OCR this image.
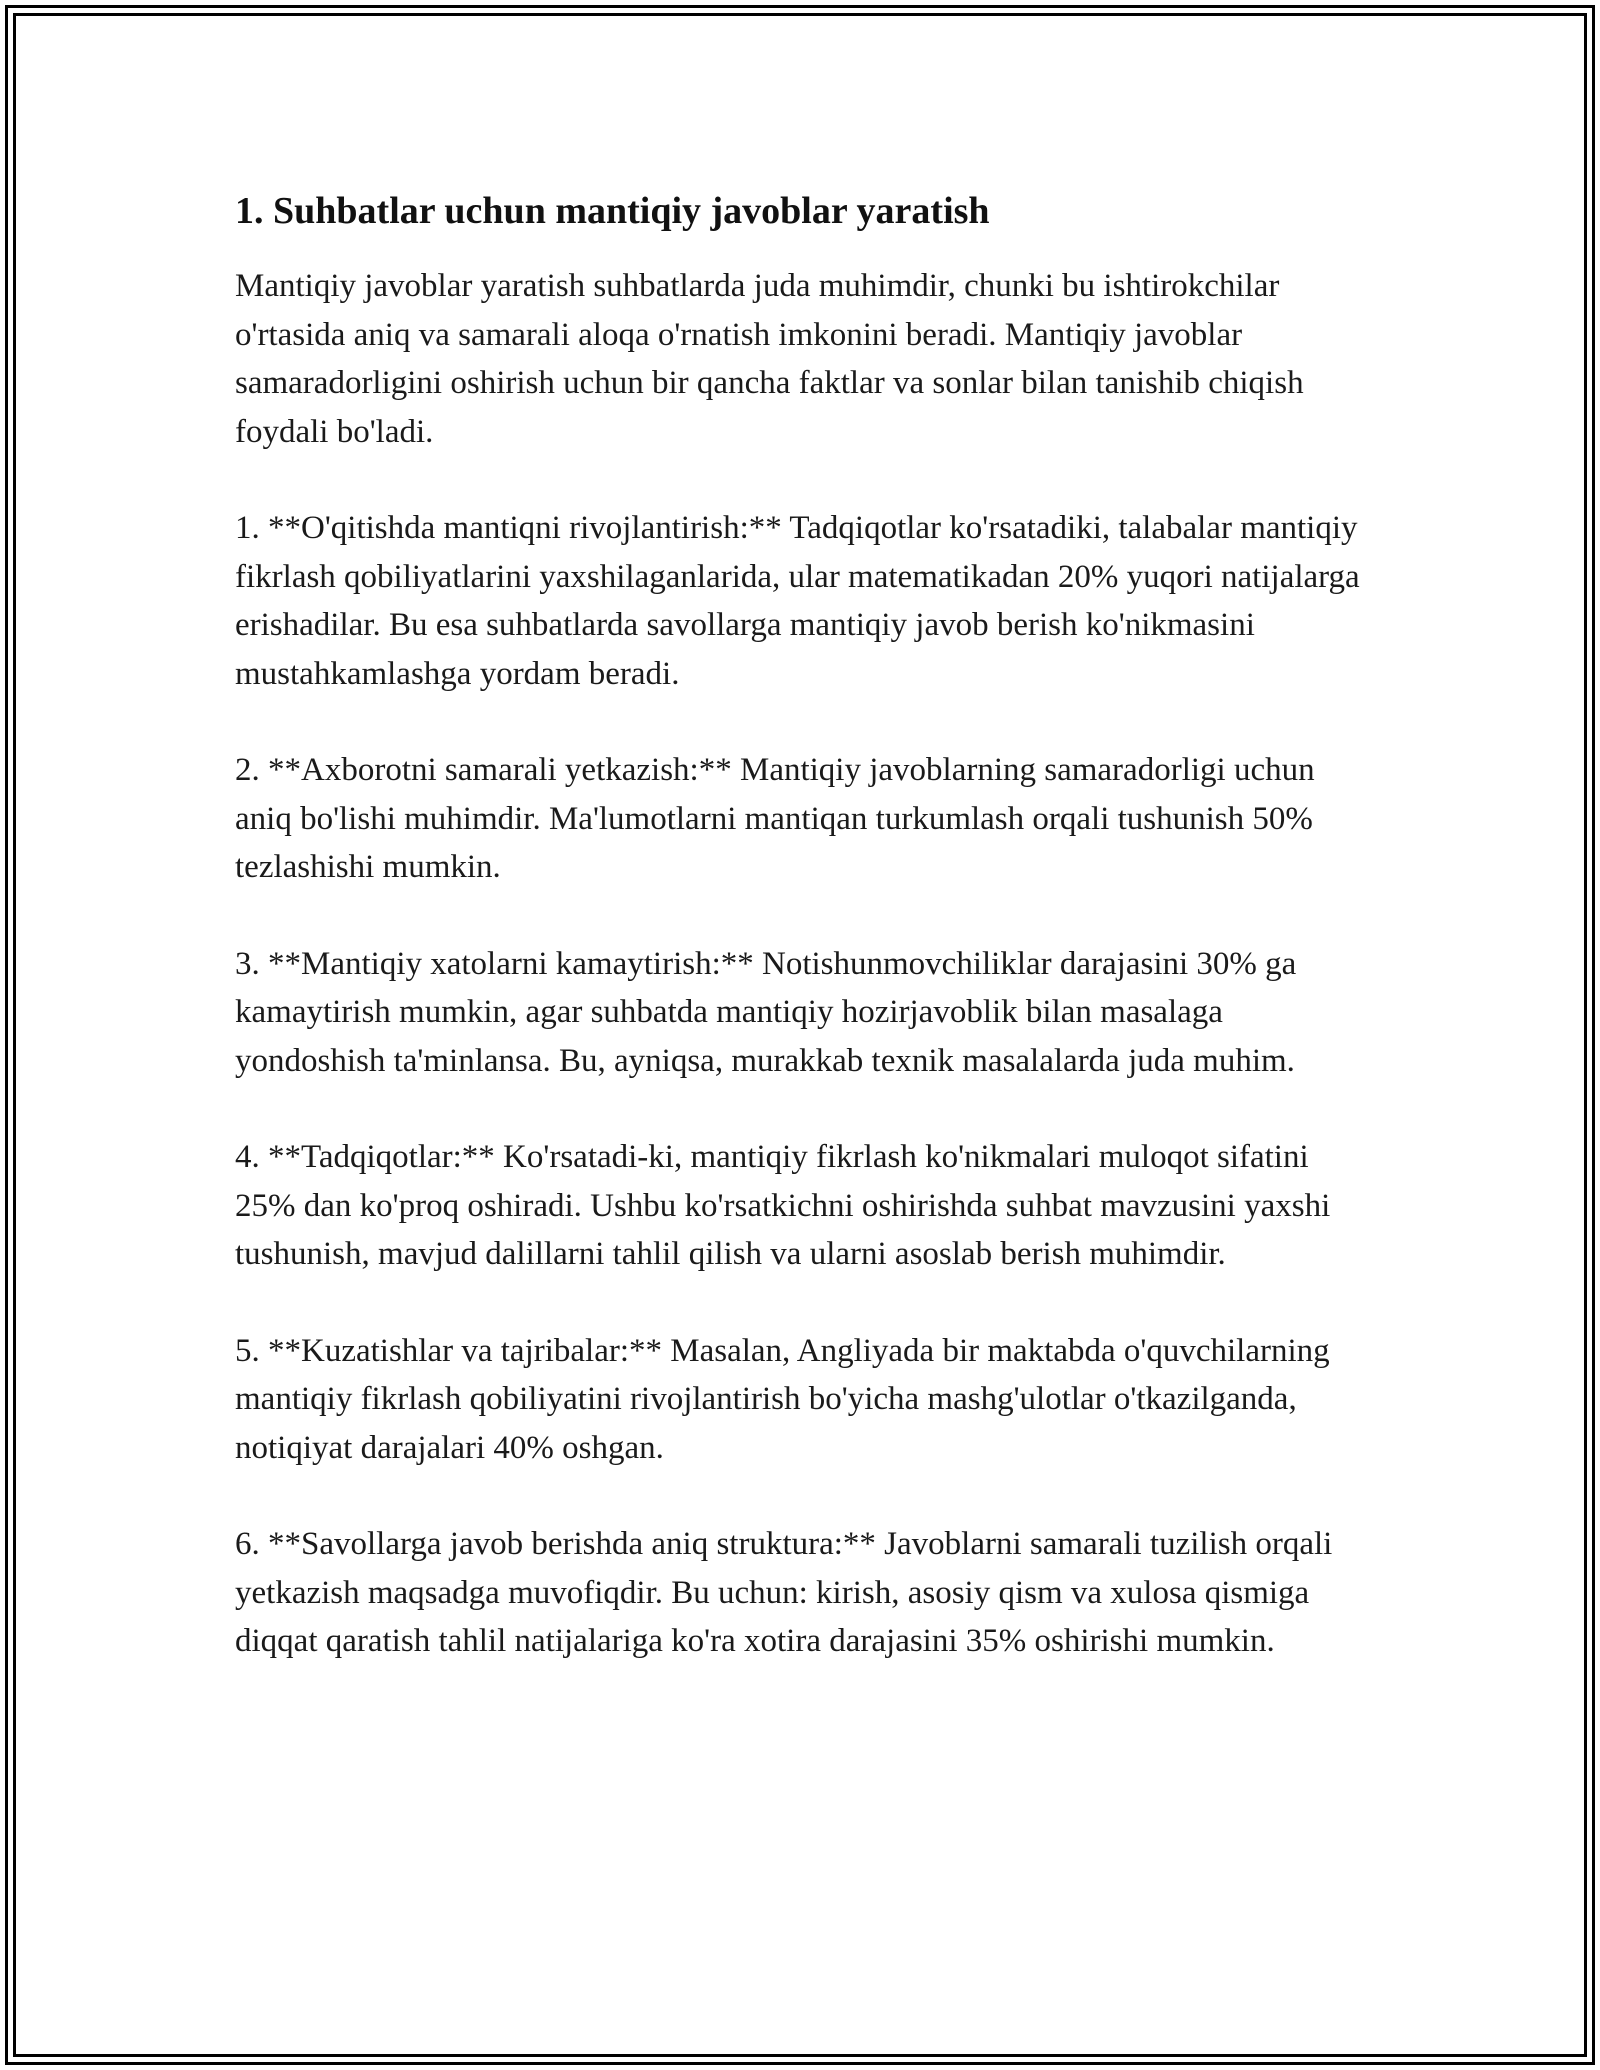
1. Suhbatlar uchun mantiqiy javoblar yaratish

Mantiqiy javoblar yaratish suhbatlarda juda muhimdir, chunki bu ishtirokchilar o'rtasida aniq va samarali aloqa o'rnatish imkonini beradi. Mantiqiy javoblar samaradorligini oshirish uchun bir qancha faktlar va sonlar bilan tanishib chiqish foydali bo'ladi.

1. **O'qitishda mantiqni rivojlantirish:** Tadqiqotlar ko'rsatadiki, talabalar mantiqiy fikrlash qobiliyatlarini yaxshilaganlarida, ular matematikadan 20% yuqori natijalarga erishadilar. Bu esa suhbatlarda savollarga mantiqiy javob berish ko'nikmasini mustahkamlashga yordam beradi.

2. **Axborotni samarali yetkazish:** Mantiqiy javoblarning samaradorligi uchun aniq bo'lishi muhimdir. Ma'lumotlarni mantiqan turkumlash orqali tushunish 50% tezlashishi mumkin.

3. **Mantiqiy xatolarni kamaytirish:** Notishunmovchiliklar darajasini 30% ga kamaytirish mumkin, agar suhbatda mantiqiy hozirjavoblik bilan masalaga yondoshish ta'minlansa. Bu, ayniqsa, murakkab texnik masalalarda juda muhim.

4. **Tadqiqotlar:** Ko'rsatadi-ki, mantiqiy fikrlash ko'nikmalari muloqot sifatini 25% dan ko'proq oshiradi. Ushbu ko'rsatkichni oshirishda suhbat mavzusini yaxshi tushunish, mavjud dalillarni tahlil qilish va ularni asoslab berish muhimdir.

5. **Kuzatishlar va tajribalar:** Masalan, Angliyada bir maktabda o'quvchilarning mantiqiy fikrlash qobiliyatini rivojlantirish bo'yicha mashg'ulotlar o'tkazilganda, notiqiyat darajalari 40% oshgan.

6. **Savollarga javob berishda aniq struktura:** Javoblarni samarali tuzilish orqali yetkazish maqsadga muvofiqdir. Bu uchun: kirish, asosiy qism va xulosa qismiga diqqat qaratish tahlil natijalariga ko'ra xotira darajasini 35% oshirishi mumkin.
